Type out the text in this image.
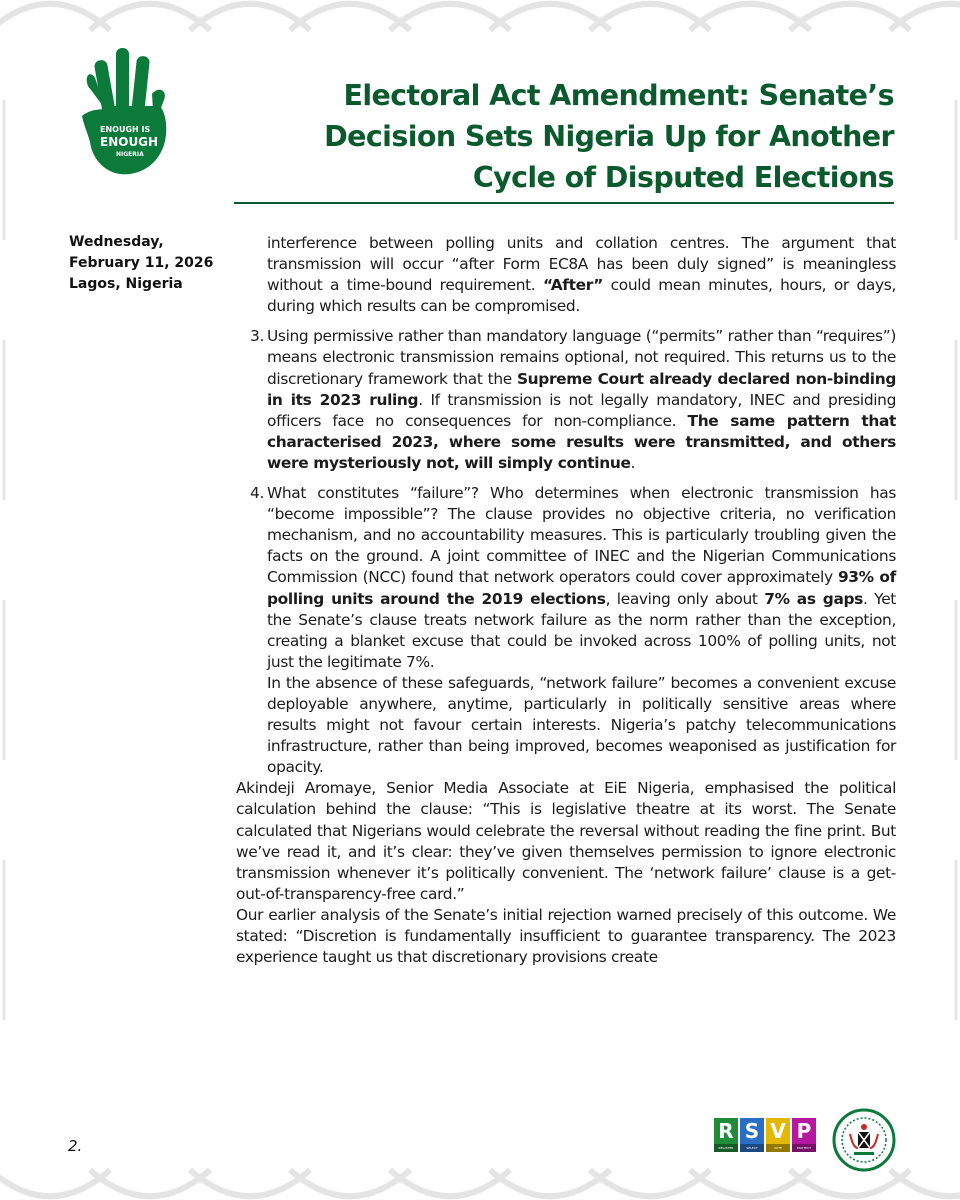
ENOUGH IS
ENOUGH
NIGERIA
Electoral Act Amendment: Senate’s
Decision Sets Nigeria Up for Another
Cycle of Disputed Elections
Wednesday,
February 11, 2026
Lagos, Nigeria

interference between polling units and collation centres. The argument that transmission will occur “after Form EC8A has been duly signed” is meaningless without a time-bound requirement. “After” could mean minutes, hours, or days, during which results can be compromised.

3. Using permissive rather than mandatory language (“permits” rather than “requires”) means electronic transmission remains optional, not required. This returns us to the discretionary framework that the Supreme Court already declared non-binding in its 2023 ruling. If transmission is not legally mandatory, INEC and presiding officers face no consequences for non-compliance. The same pattern that characterised 2023, where some results were transmitted, and others were mysteriously not, will simply continue.

4. What constitutes “failure”? Who determines when electronic transmission has “become impossible”? The clause provides no objective criteria, no verification mechanism, and no accountability measures. This is particularly troubling given the facts on the ground. A joint committee of INEC and the Nigerian Communications Commission (NCC) found that network operators could cover approximately 93% of polling units around the 2019 elections, leaving only about 7% as gaps. Yet the Senate’s clause treats network failure as the norm rather than the exception, creating a blanket excuse that could be invoked across 100% of polling units, not just the legitimate 7%.

In the absence of these safeguards, “network failure” becomes a convenient excuse deployable anywhere, anytime, particularly in politically sensitive areas where results might not favour certain interests. Nigeria’s patchy telecommunications infrastructure, rather than being improved, becomes weaponised as justification for opacity.

Akindeji Aromaye, Senior Media Associate at EiE Nigeria, emphasised the political calculation behind the clause: “This is legislative theatre at its worst. The Senate calculated that Nigerians would celebrate the reversal without reading the fine print. But we’ve read it, and it’s clear: they’ve given themselves permission to ignore electronic transmission whenever it’s politically convenient. The ‘network failure’ clause is a get-out-of-transparency-free card.”

Our earlier analysis of the Senate’s initial rejection warned precisely of this outcome. We stated: “Discretion is fundamentally insufficient to guarantee transparency. The 2023 experience taught us that discretionary provisions create

2.
R
REGISTER
S
SELECT
V
VOTE
P
PROTECT
